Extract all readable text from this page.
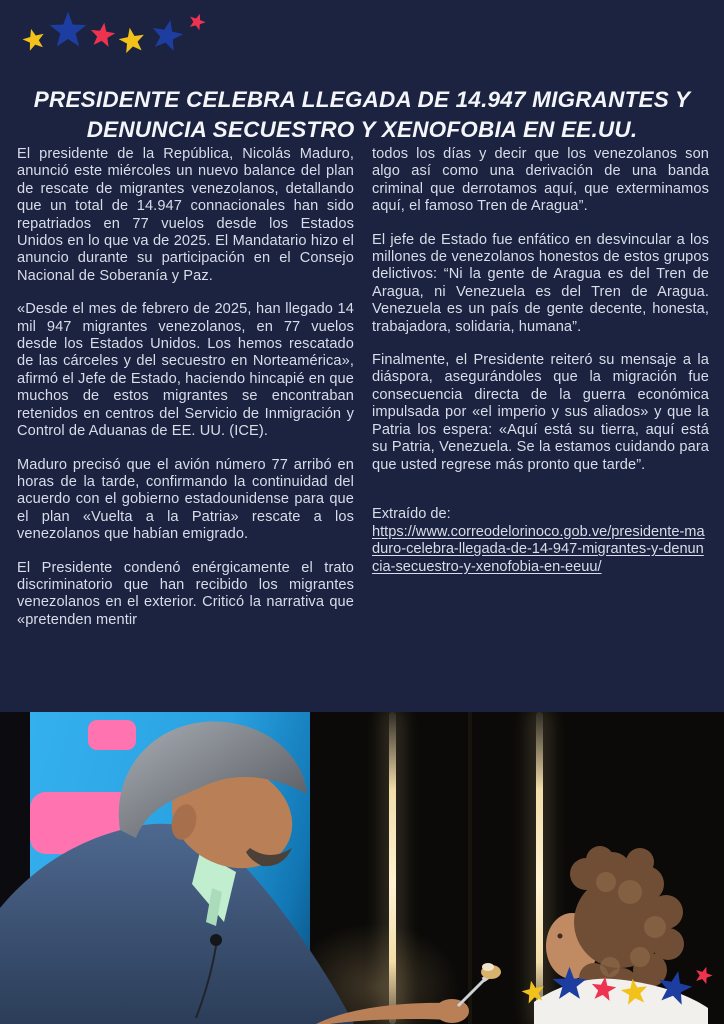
PRESIDENTE CELEBRA LLEGADA DE 14.947 MIGRANTES Y
DENUNCIA SECUESTRO Y XENOFOBIA EN EE.UU.

El presidente de la República, Nicolás Maduro, anunció este miércoles un nuevo balance del plan de rescate de migrantes venezolanos, detallando que un total de 14.947 connacionales han sido repatriados en 77 vuelos desde los Estados Unidos en lo que va de 2025. El Mandatario hizo el anuncio durante su participación en el Consejo Nacional de Soberanía y Paz.

«Desde el mes de febrero de 2025, han llegado 14 mil 947 migrantes venezolanos, en 77 vuelos desde los Estados Unidos. Los hemos rescatado de las cárceles y del secuestro en Norteamérica», afirmó el Jefe de Estado, haciendo hincapié en que muchos de estos migrantes se encontraban retenidos en centros del Servicio de Inmigración y Control de Aduanas de EE. UU. (ICE).

Maduro precisó que el avión número 77 arribó en horas de la tarde, confirmando la continuidad del acuerdo con el gobierno estadounidense para que el plan «Vuelta a la Patria» rescate a los venezolanos que habían emigrado.

El Presidente condenó enérgicamente el trato discriminatorio que han recibido los migrantes venezolanos en el exterior. Criticó la narrativa que «pretenden mentir

todos los días y decir que los venezolanos son algo así como una derivación de una banda criminal que derrotamos aquí, que exterminamos aquí, el famoso Tren de Aragua”.

El jefe de Estado fue enfático en desvincular a los millones de venezolanos honestos de estos grupos delictivos: “Ni la gente de Aragua es del Tren de Aragua, ni Venezuela es del Tren de Aragua. Venezuela es un país de gente decente, honesta, trabajadora, solidaria, humana”.

Finalmente, el Presidente reiteró su mensaje a la diáspora, asegurándoles que la migración fue consecuencia directa de la guerra económica impulsada por «el imperio y sus aliados» y que la Patria los espera: «Aquí está su tierra, aquí está su Patria, Venezuela. Se la estamos cuidando para que usted regrese más pronto que tarde”.

Extraído de:
https://www.correodelorinoco.gob.ve/presidente-maduro-celebra-llegada-de-14-947-migrantes-y-denuncia-secuestro-y-xenofobia-en-eeuu/
